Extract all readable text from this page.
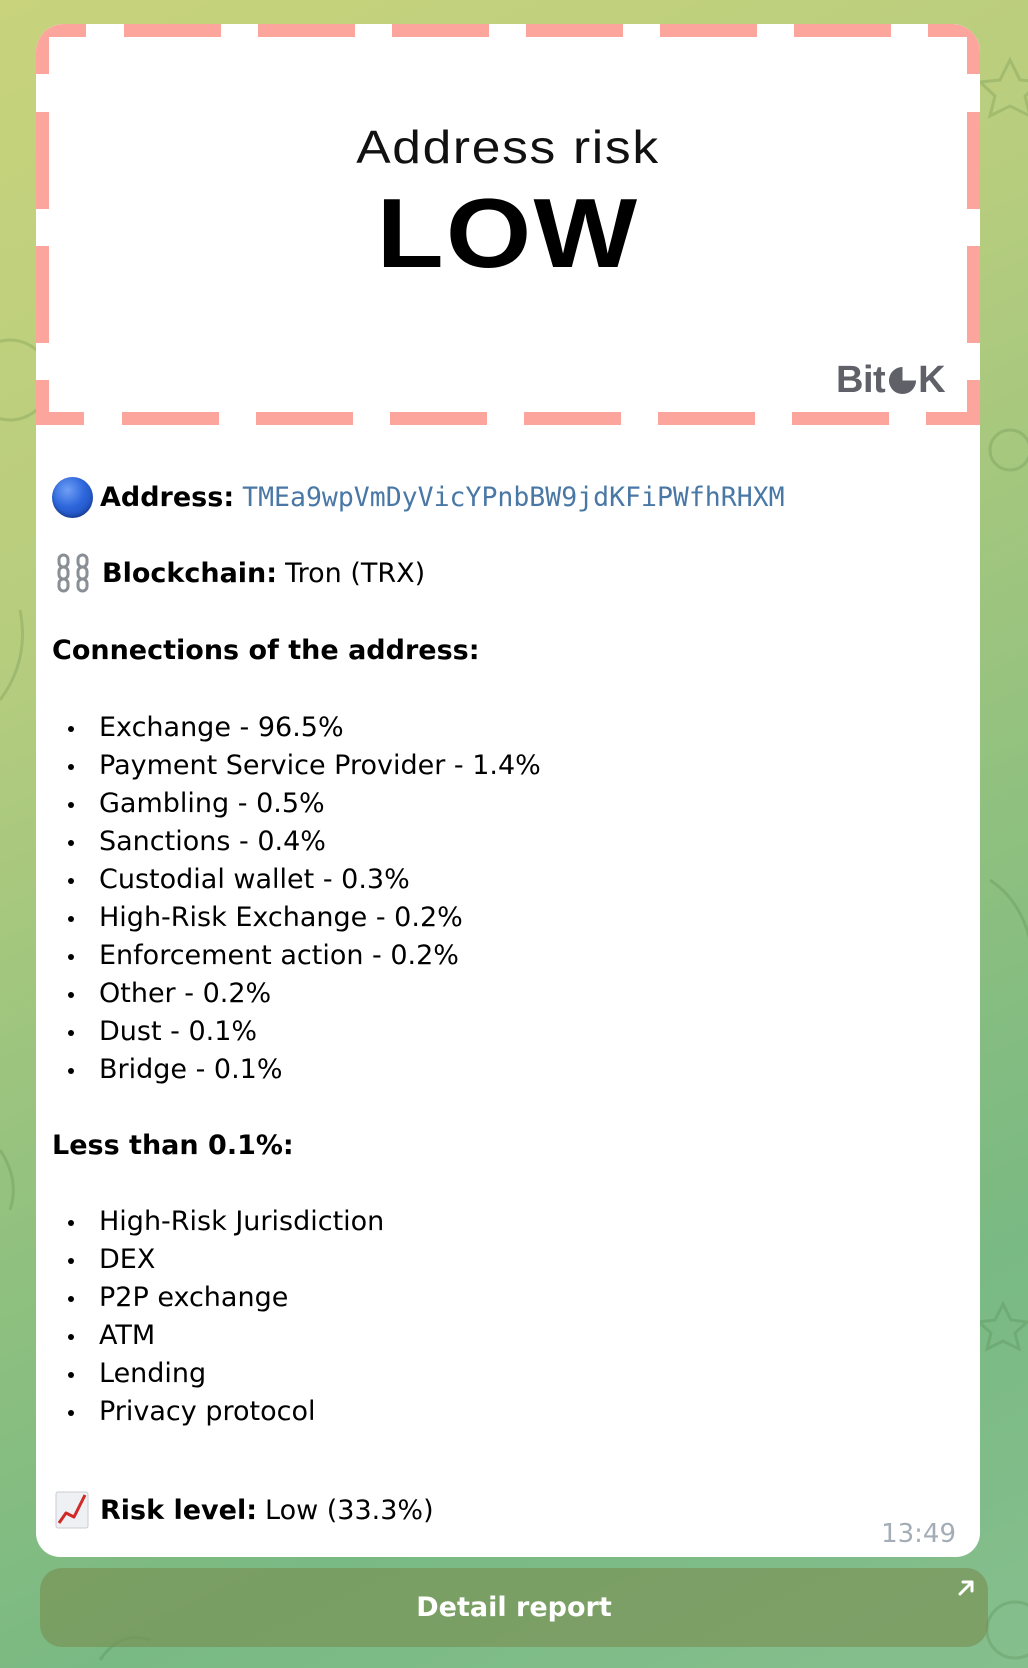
Address risk
LOW
Bit K
Address: TMEa9wpVmDyVicYPnbBW9jdKFiPWfhRHXM
Blockchain: Tron (TRX)
Connections of the address:
Exchange - 96.5%
Payment Service Provider - 1.4%
Gambling - 0.5%
Sanctions - 0.4%
Custodial wallet - 0.3%
High-Risk Exchange - 0.2%
Enforcement action - 0.2%
Other - 0.2%
Dust - 0.1%
Bridge - 0.1%
Less than 0.1%:
High-Risk Jurisdiction
DEX
P2P exchange
ATM
Lending
Privacy protocol
Risk level: Low (33.3%)
13:49
Detail report
